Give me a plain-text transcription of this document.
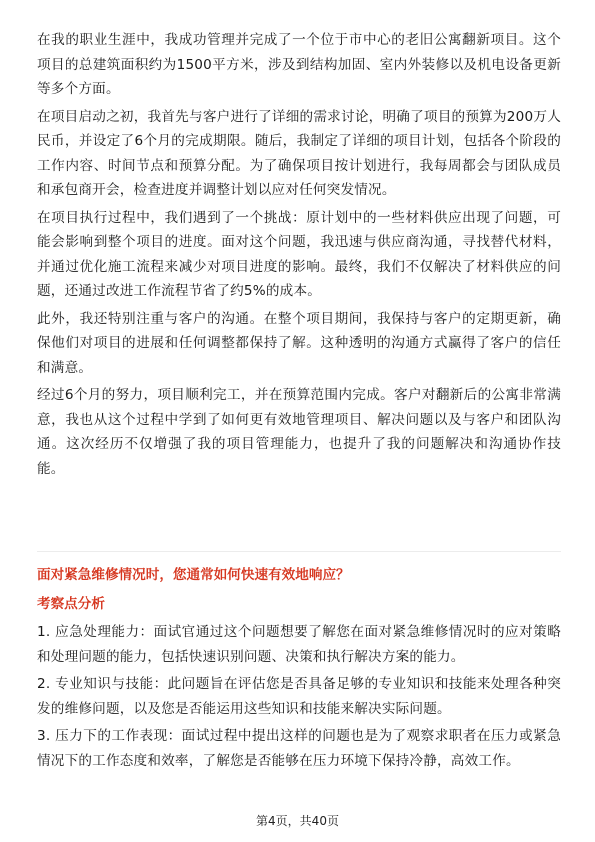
在我的职业生涯中，我成功管理并完成了一个位于市中心的老旧公寓翻新项目。这个项目的总建筑面积约为1500平方米，涉及到结构加固、室内外装修以及机电设备更新等多个方面。

在项目启动之初，我首先与客户进行了详细的需求讨论，明确了项目的预算为200万人民币，并设定了6个月的完成期限。随后，我制定了详细的项目计划，包括各个阶段的工作内容、时间节点和预算分配。为了确保项目按计划进行，我每周都会与团队成员和承包商开会，检查进度并调整计划以应对任何突发情况。

在项目执行过程中，我们遇到了一个挑战：原计划中的一些材料供应出现了问题，可能会影响到整个项目的进度。面对这个问题，我迅速与供应商沟通，寻找替代材料，并通过优化施工流程来减少对项目进度的影响。最终，我们不仅解决了材料供应的问题，还通过改进工作流程节省了约5%的成本。

此外，我还特别注重与客户的沟通。在整个项目期间，我保持与客户的定期更新，确保他们对项目的进展和任何调整都保持了解。这种透明的沟通方式赢得了客户的信任和满意。

经过6个月的努力，项目顺利完工，并在预算范围内完成。客户对翻新后的公寓非常满意，我也从这个过程中学到了如何更有效地管理项目、解决问题以及与客户和团队沟通。这次经历不仅增强了我的项目管理能力，也提升了我的问题解决和沟通协作技能。

面对紧急维修情况时，您通常如何快速有效地响应？
考察点分析

1. 应急处理能力：面试官通过这个问题想要了解您在面对紧急维修情况时的应对策略和处理问题的能力，包括快速识别问题、决策和执行解决方案的能力。

2. 专业知识与技能：此问题旨在评估您是否具备足够的专业知识和技能来处理各种突发的维修问题，以及您是否能运用这些知识和技能来解决实际问题。

3. 压力下的工作表现：面试过程中提出这样的问题也是为了观察求职者在压力或紧急情况下的工作态度和效率，了解您是否能够在压力环境下保持冷静，高效工作。

第4页，共40页
